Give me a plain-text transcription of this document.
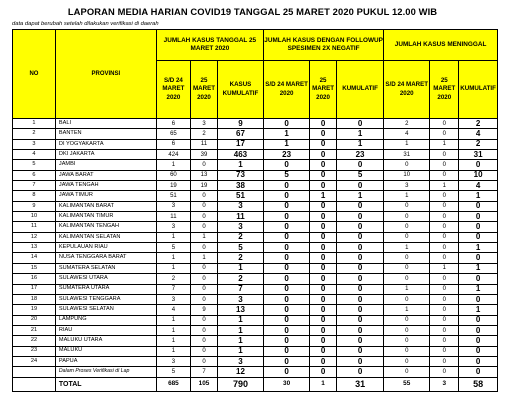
LAPORAN MEDIA HARIAN COVID19 TANGGAL 25 MARET 2020 PUKUL 12.00 WIB
data dapat berubah setelah dilakukan verifikasi di daerah
NO	PROVINSI	JUMLAH KASUS TANGGAL 25 MARET 2020			JUMLAH KASUS DENGAN FOLLOWUP SPESIMEN 2X NEGATIF			JUMLAH KASUS MENINGGAL		
		S/D 24 MARET 2020	25 MARET 2020	KASUS KUMULATIF	S/D 24 MARET 2020	25 MARET 2020	KUMULATIF	S/D 24 MARET 2020	25 MARET 2020	KUMULATIF
1	BALI	6	3	9	0	0	0	2	0	2
2	BANTEN	65	2	67	1	0	1	4	0	4
3	DI YOGYAKARTA	6	11	17	1	0	1	1	1	2
4	DKI JAKARTA	424	39	463	23	0	23	31	0	31
5	JAMBI	1	0	1	0	0	0	0	0	0
6	JAWA BARAT	60	13	73	5	0	5	10	0	10
7	JAWA TENGAH	19	19	38	0	0	0	3	1	4
8	JAWA TIMUR	51	0	51	0	1	1	1	0	1
9	KALIMANTAN BARAT	3	0	3	0	0	0	0	0	0
10	KALIMANTAN TIMUR	11	0	11	0	0	0	0	0	0
11	KALIMANTAN TENGAH	3	0	3	0	0	0	0	0	0
12	KALIMANTAN SELATAN	1	1	2	0	0	0	0	0	0
13	KEPULAUAN RIAU	5	0	5	0	0	0	1	0	1
14	NUSA TENGGARA BARAT	1	1	2	0	0	0	0	0	0
15	SUMATERA SELATAN	1	0	1	0	0	0	0	1	1
16	SULAWESI UTARA	2	0	2	0	0	0	0	0	0
17	SUMATERA UTARA	7	0	7	0	0	0	1	0	1
18	SULAWESI TENGGARA	3	0	3	0	0	0	0	0	0
19	SULAWESI SELATAN	4	9	13	0	0	0	1	0	1
20	LAMPUNG	1	0	1	0	0	0	0	0	0
21	RIAU	1	0	1	0	0	0	0	0	0
22	MALUKU UTARA	1	0	1	0	0	0	0	0	0
23	MALUKU	1	0	1	0	0	0	0	0	0
24	PAPUA	3	0	3	0	0	0	0	0	0
	Dalam Proses Verifikasi di Lap	5	7	12	0	0	0	0	0	0
	TOTAL	685	105	790	30	1	31	55	3	58
